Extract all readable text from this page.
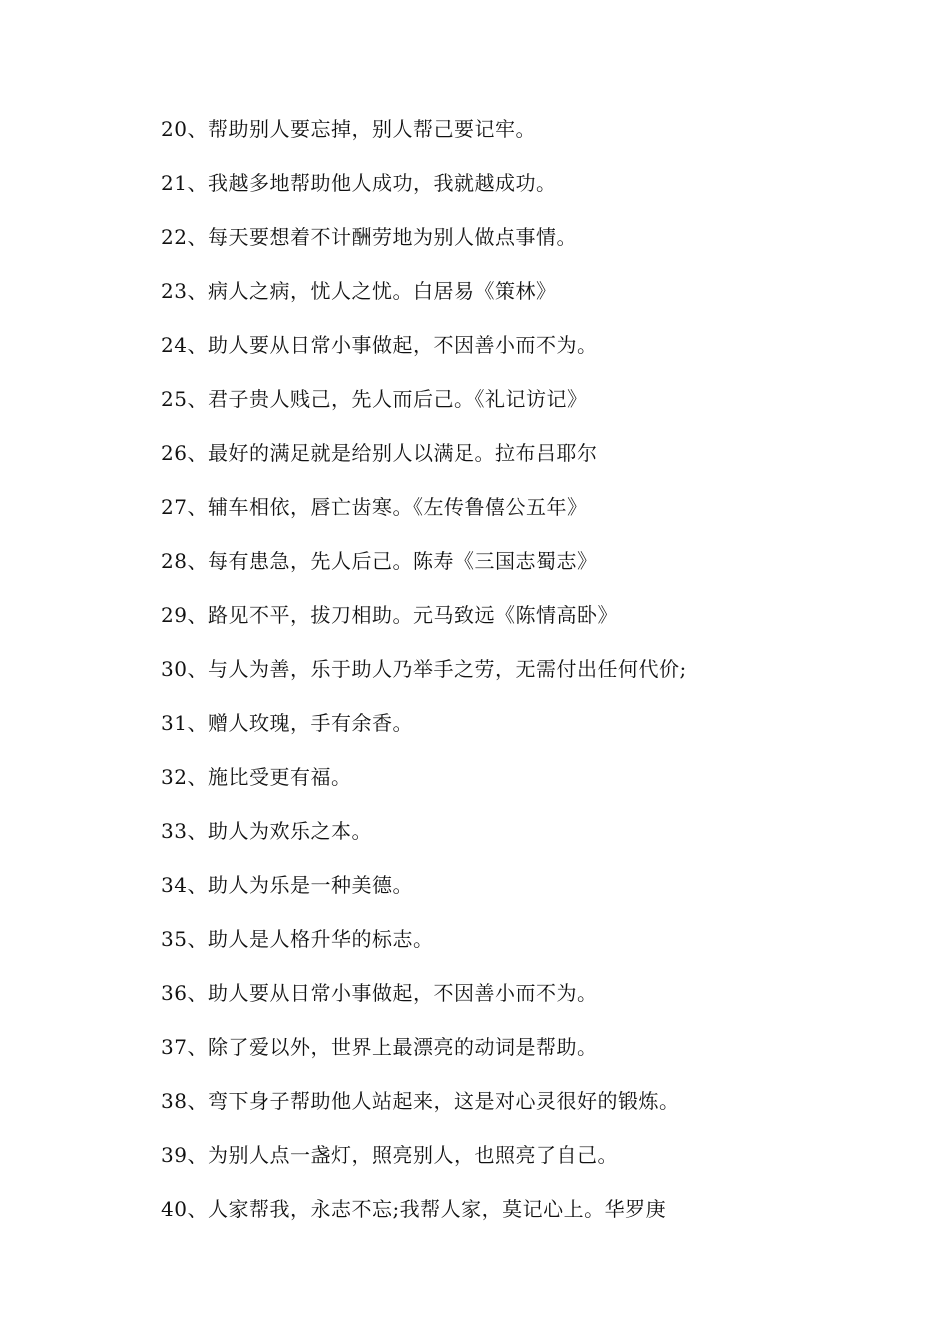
20、帮助别人要忘掉，别人帮己要记牢。
21、我越多地帮助他人成功，我就越成功。
22、每天要想着不计酬劳地为别人做点事情。
23、病人之病，忧人之忧。白居易《策林》
24、助人要从日常小事做起，不因善小而不为。
25、君子贵人贱己，先人而后己。《礼记访记》
26、最好的满足就是给别人以满足。拉布吕耶尔
27、辅车相依，唇亡齿寒。《左传鲁僖公五年》
28、每有患急，先人后己。陈寿《三国志蜀志》
29、路见不平，拔刀相助。元马致远《陈情高卧》
30、与人为善，乐于助人乃举手之劳，无需付出任何代价;
31、赠人玫瑰，手有余香。
32、施比受更有福。
33、助人为欢乐之本。
34、助人为乐是一种美德。
35、助人是人格升华的标志。
36、助人要从日常小事做起，不因善小而不为。
37、除了爱以外，世界上最漂亮的动词是帮助。
38、弯下身子帮助他人站起来，这是对心灵很好的锻炼。
39、为别人点一盏灯，照亮别人，也照亮了自己。
40、人家帮我，永志不忘;我帮人家，莫记心上。华罗庚
